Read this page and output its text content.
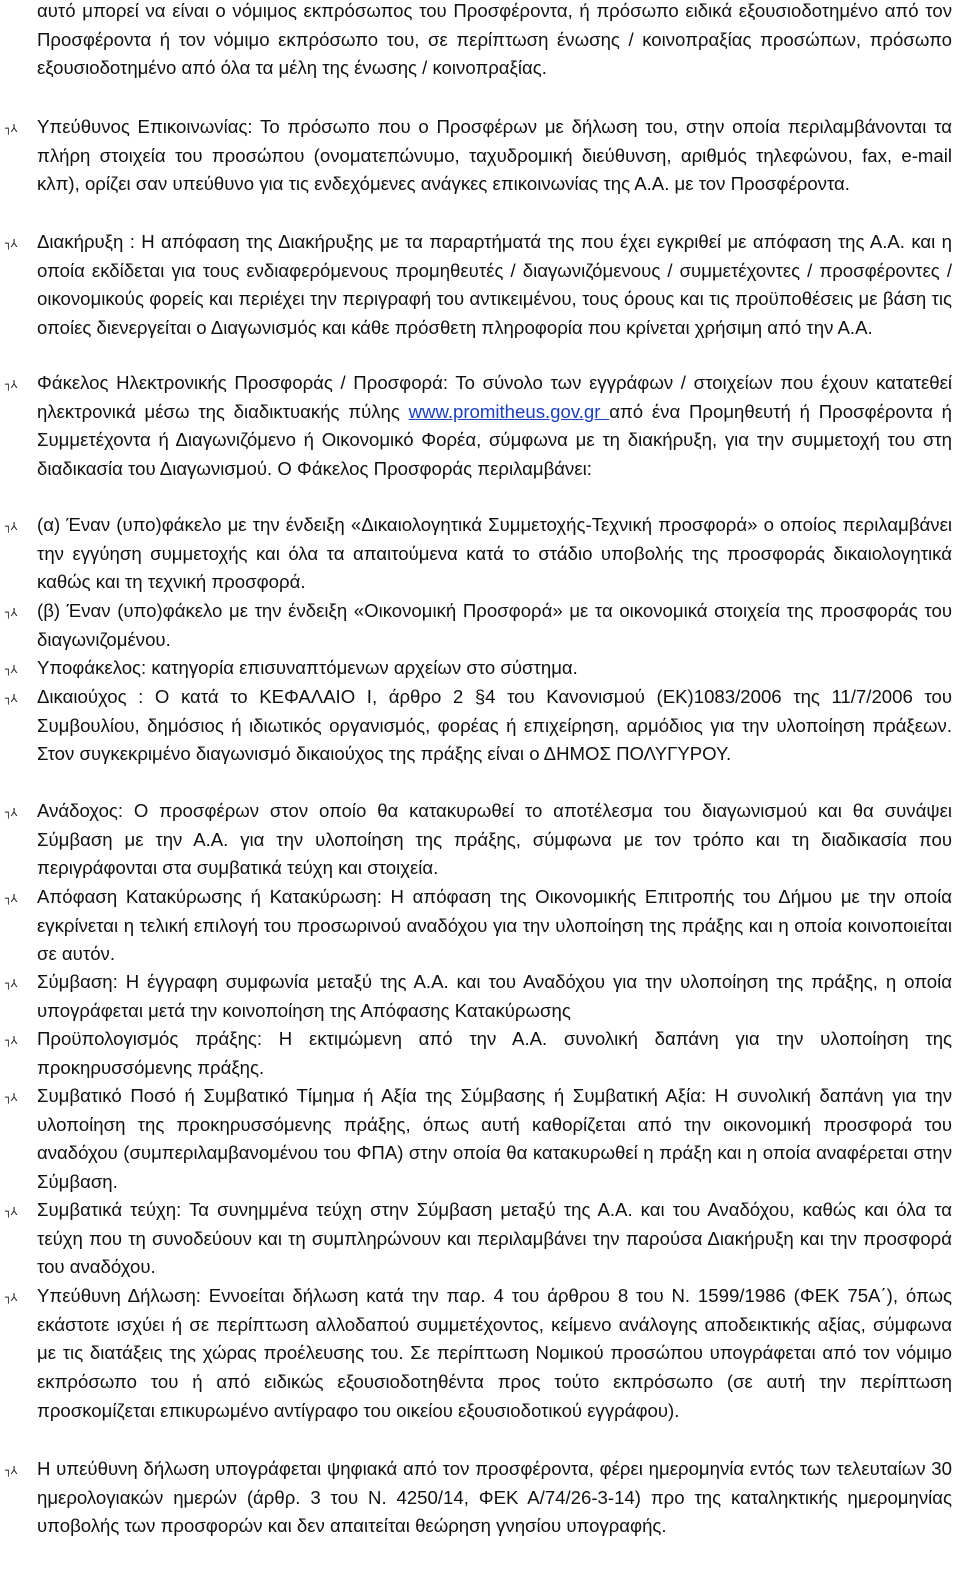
αυτό μπορεί να είναι ο νόμιμος εκπρόσωπος του Προσφέροντα, ή πρόσωπο ειδικά εξουσιοδοτημένο από τον Προσφέροντα ή τον νόμιμο εκπρόσωπο του, σε περίπτωση ένωσης / κοινοπραξίας προσώπων, πρόσωπο εξουσιοδοτημένο από όλα τα μέλη της ένωσης / κοινοπραξίας.
┐⅄	Υπεύθυνος Επικοινωνίας: Το πρόσωπο που ο Προσφέρων με δήλωση του, στην οποία περιλαμβάνονται τα πλήρη στοιχεία του προσώπου (ονοματεπώνυμο, ταχυδρομική διεύθυνση, αριθμός τηλεφώνου, fax, e-mail κλπ), ορίζει σαν υπεύθυνο για τις ενδεχόμενες ανάγκες επικοινωνίας της Α.Α. με τον Προσφέροντα.
┐⅄	Διακήρυξη : Η απόφαση της Διακήρυξης με τα παραρτήματά της που έχει εγκριθεί με απόφαση της Α.Α. και η οποία εκδίδεται για τους ενδιαφερόμενους προμηθευτές / διαγωνιζόμενους / συμμετέχοντες / προσφέροντες / οικονομικούς φορείς και περιέχει την περιγραφή του αντικειμένου, τους όρους και τις προϋποθέσεις με βάση τις οποίες διενεργείται ο Διαγωνισμός και κάθε πρόσθετη πληροφορία που κρίνεται χρήσιμη από την Α.Α.
┐⅄	Φάκελος Ηλεκτρονικής Προσφοράς / Προσφορά: Το σύνολο των εγγράφων / στοιχείων που έχουν κατατεθεί ηλεκτρονικά μέσω της διαδικτυακής πύλης www.promitheus.gov.gr από ένα Προμηθευτή ή Προσφέροντα ή Συμμετέχοντα ή Διαγωνιζόμενο ή Οικονομικό Φορέα, σύμφωνα με τη διακήρυξη, για την συμμετοχή του στη διαδικασία του Διαγωνισμού. Ο Φάκελος Προσφοράς περιλαμβάνει:
┐⅄	(α) Έναν (υπο)φάκελο με την ένδειξη «Δικαιολογητικά Συμμετοχής-Τεχνική προσφορά» ο οποίος περιλαμβάνει την εγγύηση συμμετοχής και όλα τα απαιτούμενα κατά το στάδιο υποβολής της προσφοράς δικαιολογητικά καθώς και τη τεχνική προσφορά.
┐⅄	(β) Έναν (υπο)φάκελο με την ένδειξη «Οικονομική Προσφορά» με τα οικονομικά στοιχεία της προσφοράς του διαγωνιζομένου.
┐⅄	Υποφάκελος: κατηγορία επισυναπτόμενων αρχείων στο σύστημα.
┐⅄	Δικαιούχος : Ο κατά το ΚΕΦΑΛΑΙΟ Ι, άρθρο 2 §4 του Κανονισμού (ΕΚ)1083/2006 της 11/7/2006 του Συμβουλίου, δημόσιος ή ιδιωτικός οργανισμός, φορέας ή επιχείρηση, αρμόδιος για την υλοποίηση πράξεων. Στον συγκεκριμένο διαγωνισμό δικαιούχος της πράξης είναι ο ΔΗΜΟΣ ΠΟΛΥΓΥΡΟΥ.
┐⅄	Ανάδοχος: Ο προσφέρων στον οποίο θα κατακυρωθεί το αποτέλεσμα του διαγωνισμού και θα συνάψει Σύμβαση με την Α.Α. για την υλοποίηση της πράξης, σύμφωνα με τον τρόπο και τη διαδικασία που περιγράφονται στα συμβατικά τεύχη και στοιχεία.
┐⅄	Απόφαση Κατακύρωσης ή Κατακύρωση: Η απόφαση της Οικονομικής Επιτροπής του Δήμου με την οποία εγκρίνεται η τελική επιλογή του προσωρινού αναδόχου για την υλοποίηση της πράξης και η οποία κοινοποιείται σε αυτόν.
┐⅄	Σύμβαση: Η έγγραφη συμφωνία μεταξύ της Α.Α. και του Αναδόχου για την υλοποίηση της πράξης, η οποία υπογράφεται μετά την κοινοποίηση της Απόφασης Κατακύρωσης
┐⅄	Προϋπολογισμός πράξης: Η εκτιμώμενη από την Α.Α. συνολική δαπάνη για την υλοποίηση της προκηρυσσόμενης πράξης.
┐⅄	Συμβατικό Ποσό ή Συμβατικό Τίμημα ή Αξία της Σύμβασης ή Συμβατική Αξία: Η συνολική δαπάνη για την υλοποίηση της προκηρυσσόμενης πράξης, όπως αυτή καθορίζεται από την οικονομική προσφορά του αναδόχου (συμπεριλαμβανομένου του ΦΠΑ) στην οποία θα κατακυρωθεί η πράξη και η οποία αναφέρεται στην Σύμβαση.
┐⅄	Συμβατικά τεύχη: Τα συνημμένα τεύχη στην Σύμβαση μεταξύ της Α.Α. και του Αναδόχου, καθώς και όλα τα τεύχη που τη συνοδεύουν και τη συμπληρώνουν και περιλαμβάνει την παρούσα Διακήρυξη και την προσφορά του αναδόχου.
┐⅄	Υπεύθυνη Δήλωση: Εννοείται δήλωση κατά την παρ. 4 του άρθρου 8 του Ν. 1599/1986 (ΦΕΚ 75Α΄), όπως εκάστοτε ισχύει ή σε περίπτωση αλλοδαπού συμμετέχοντος, κείμενο ανάλογης αποδεικτικής αξίας, σύμφωνα με τις διατάξεις της χώρας προέλευσης του. Σε περίπτωση Νομικού προσώπου υπογράφεται από τον νόμιμο εκπρόσωπο του ή από ειδικώς εξουσιοδοτηθέντα προς τούτο εκπρόσωπο (σε αυτή την περίπτωση προσκομίζεται επικυρωμένο αντίγραφο του οικείου εξουσιοδοτικού εγγράφου).
┐⅄	Η υπεύθυνη δήλωση υπογράφεται ψηφιακά από τον προσφέροντα, φέρει ημερομηνία εντός των τελευταίων 30 ημερολογιακών ημερών (άρθρ. 3 του Ν. 4250/14, ΦΕΚ Α/74/26-3-14) προ της καταληκτικής ημερομηνίας υποβολής των προσφορών και δεν απαιτείται θεώρηση γνησίου υπογραφής.
